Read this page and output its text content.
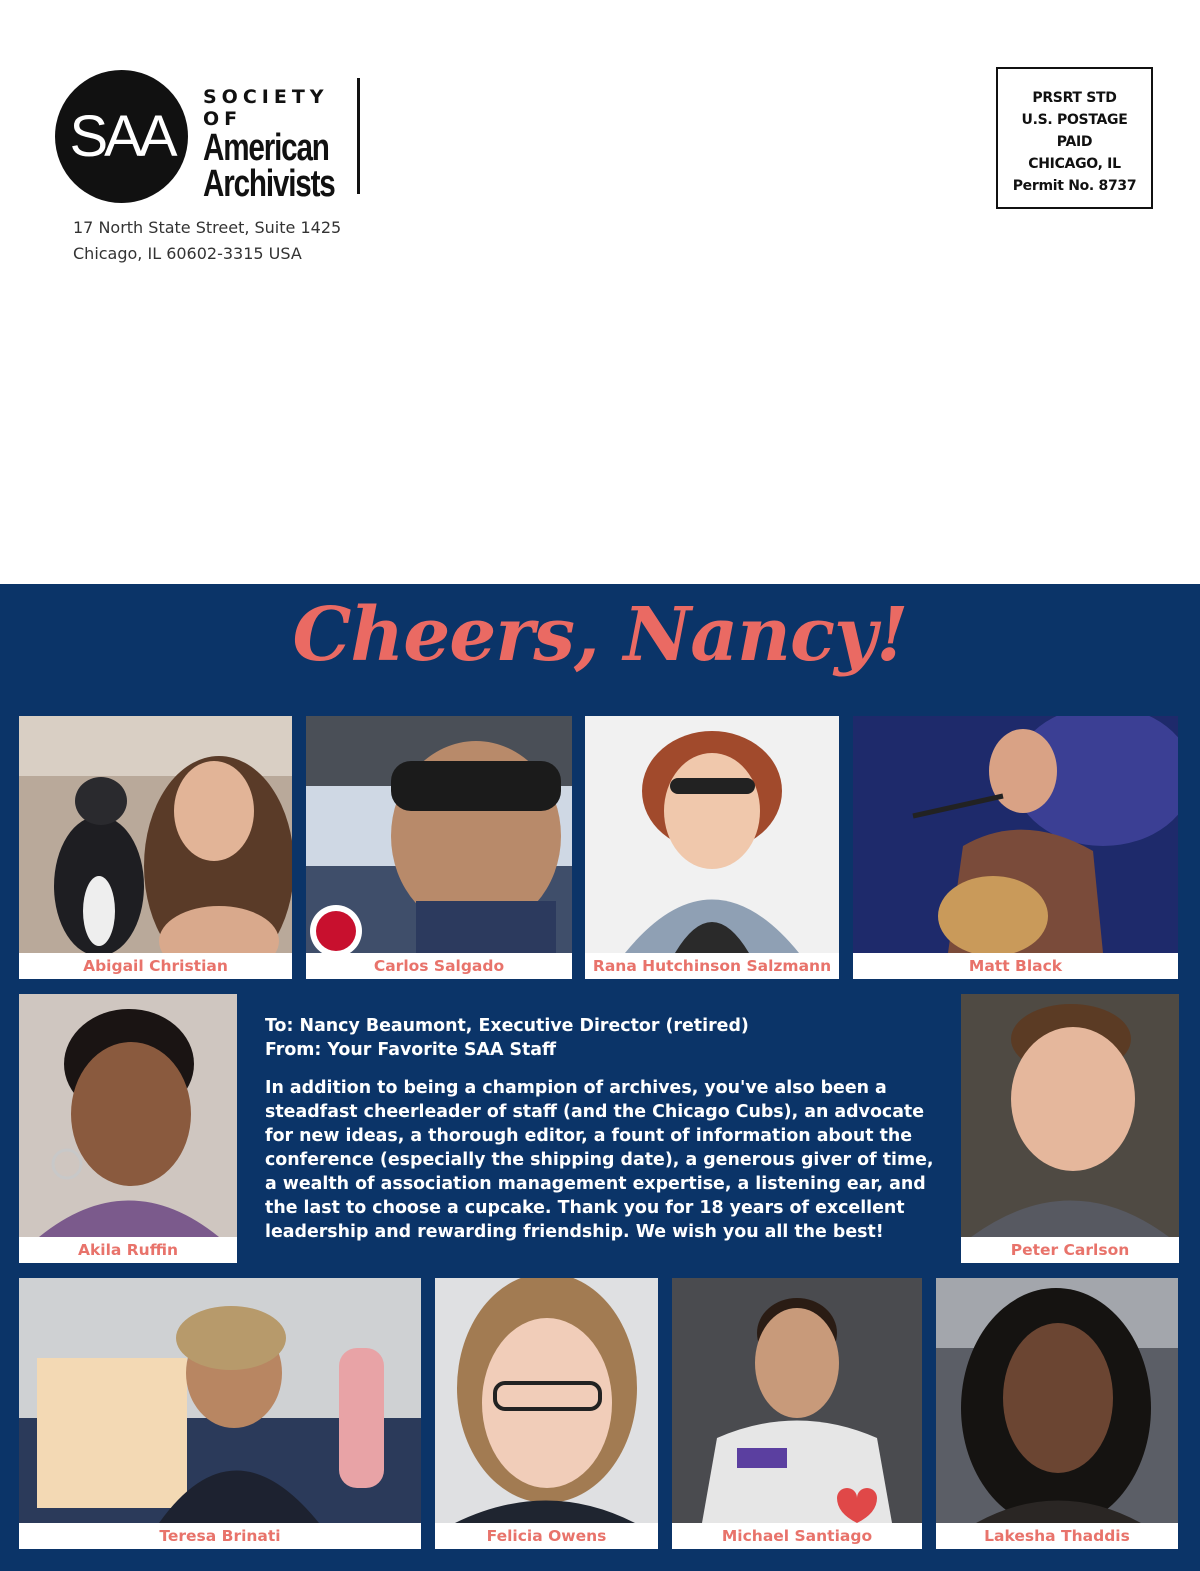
SAA
SOCIETY OF
American
Archivists
17 North State Street, Suite 1425
Chicago, IL 60602-3315 USA
PRSRT STD
U.S. POSTAGE
PAID
CHICAGO, IL
Permit No. 8737
Cheers, Nancy!
Abigail Christian	Carlos Salgado	Rana Hutchinson Salzmann	Matt Black
Akila Ruffin

To: Nancy Beaumont, Executive Director (retired)

From: Your Favorite SAA Staff

In addition to being a champion of archives, you've also been a steadfast cheerleader of staff (and the Chicago Cubs), an advocate for new ideas, a thorough editor, a fount of information about the conference (especially the shipping date), a generous giver of time, a wealth of association management expertise, a listening ear, and the last to choose a cupcake. Thank you for 18 years of excellent leadership and rewarding friendship. We wish you all the best!

Peter Carlson
Teresa Brinati	Felicia Owens	Michael Santiago	Lakesha Thaddis
